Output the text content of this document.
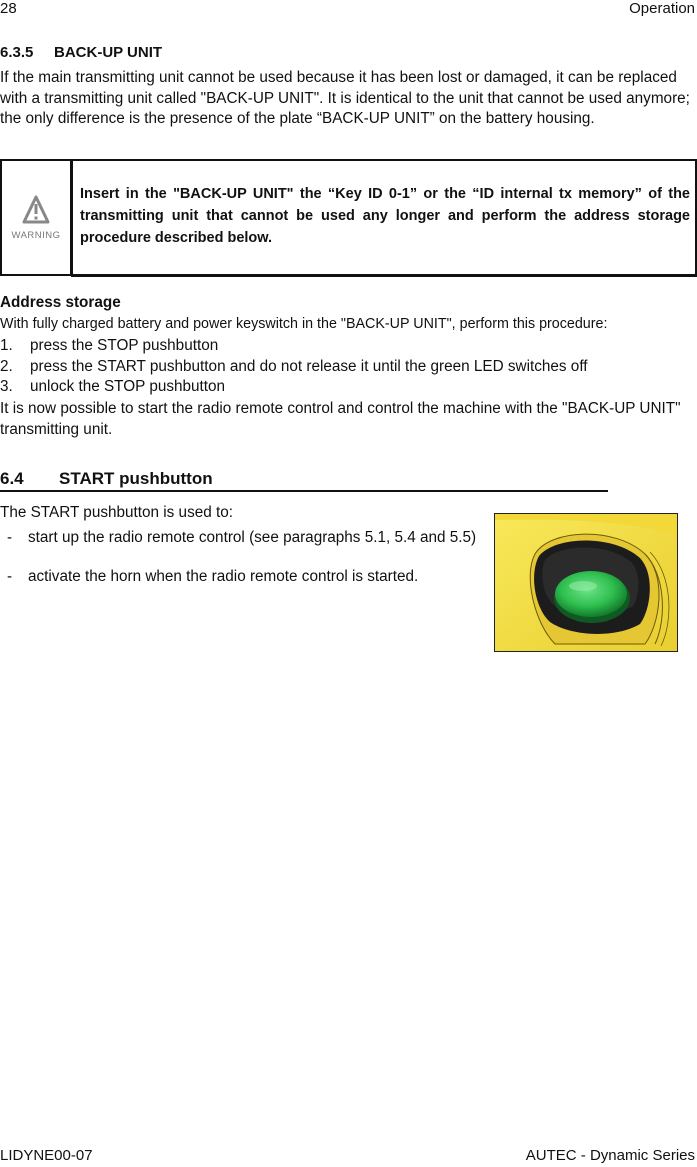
28	Operation
6.3.5 BACK-UP UNIT
If the main transmitting unit cannot be used because it has been lost or damaged, it can be replaced with a transmitting unit called "BACK-UP UNIT". It is identical to the unit that cannot be used anymore; the only difference is the presence of the plate “BACK-UP UNIT” on the battery housing.
WARNING
Insert in the "BACK-UP UNIT" the “Key ID 0-1” or the “ID internal tx memory” of the transmitting unit that cannot be used any longer and perform the address storage procedure described below.
Address storage
With fully charged battery and power keyswitch in the "BACK-UP UNIT", perform this procedure:
1. press the STOP pushbutton
2. press the START pushbutton and do not release it until the green LED switches off
3. unlock the STOP pushbutton
It is now possible to start the radio remote control and control the machine with the "BACK-UP UNIT" transmitting unit.
6.4 START pushbutton
The START pushbutton is used to:
- start up the radio remote control (see paragraphs 5.1, 5.4 and 5.5)
- activate the horn when the radio remote control is started.
LIDYNE00-07	AUTEC - Dynamic Series
